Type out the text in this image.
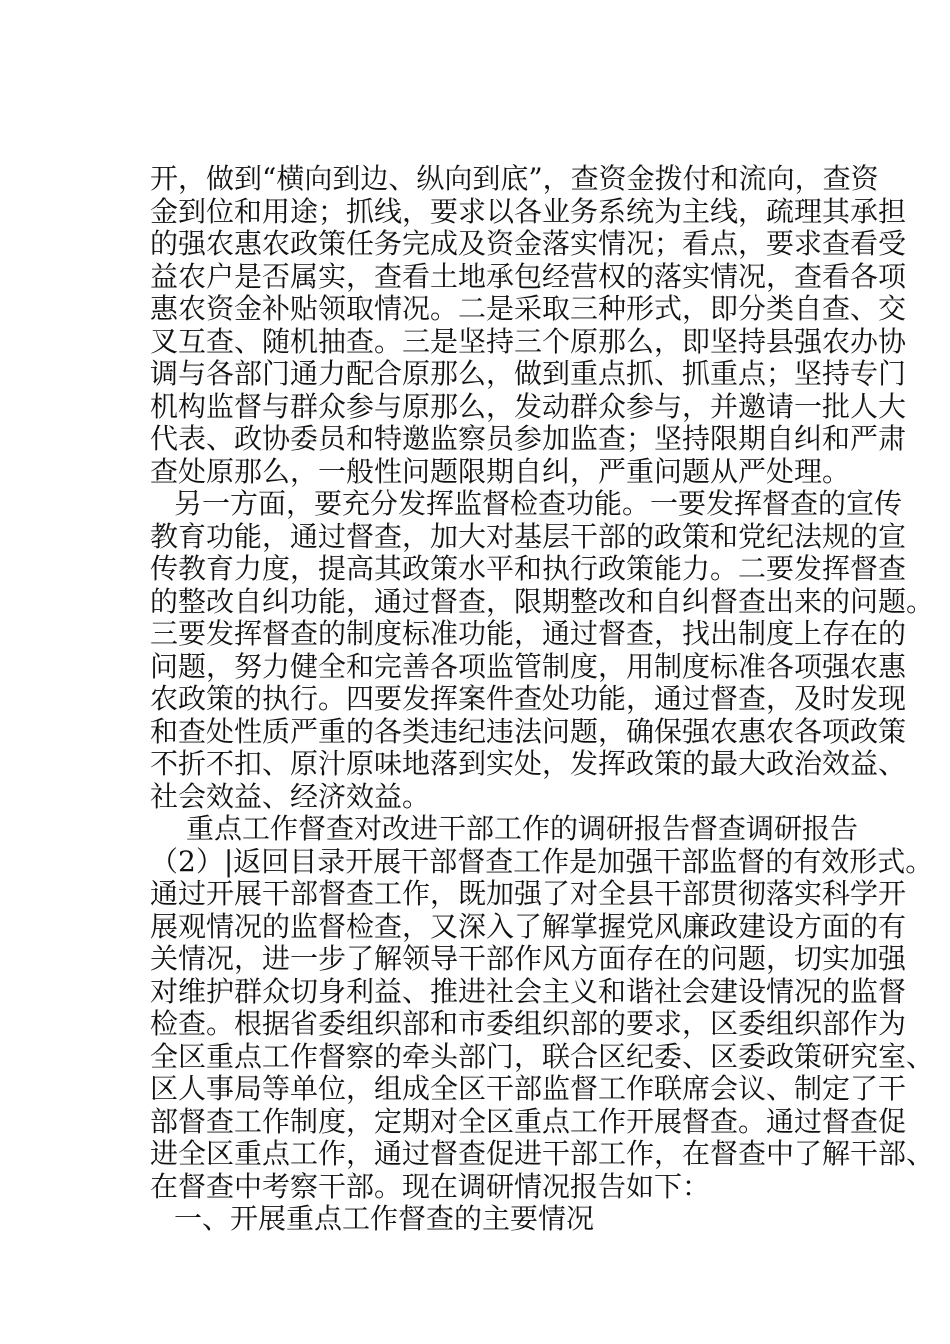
开，做到“横向到边、纵向到底”，查资金拨付和流向，查资
金到位和用途；抓线，要求以各业务系统为主线，疏理其承担
的强农惠农政策任务完成及资金落实情况；看点，要求查看受
益农户是否属实，查看土地承包经营权的落实情况，查看各项
惠农资金补贴领取情况。二是采取三种形式，即分类自查、交
叉互查、随机抽查。三是坚持三个原那么，即坚持县强农办协
调与各部门通力配合原那么，做到重点抓、抓重点；坚持专门
机构监督与群众参与原那么，发动群众参与，并邀请一批人大
代表、政协委员和特邀监察员参加监查；坚持限期自纠和严肃
查处原那么，一般性问题限期自纠，严重问题从严处理。
另一方面，要充分发挥监督检查功能。一要发挥督查的宣传
教育功能，通过督查，加大对基层干部的政策和党纪法规的宣
传教育力度，提高其政策水平和执行政策能力。二要发挥督查
的整改自纠功能，通过督查，限期整改和自纠督查出来的问题。
三要发挥督查的制度标准功能，通过督查，找出制度上存在的
问题，努力健全和完善各项监管制度，用制度标准各项强农惠
农政策的执行。四要发挥案件查处功能，通过督查，及时发现
和查处性质严重的各类违纪违法问题，确保强农惠农各项政策
不折不扣、原汁原味地落到实处，发挥政策的最大政治效益、
社会效益、经济效益。
重点工作督查对改进干部工作的调研报告督查调研报告
（2）|返回目录开展干部督查工作是加强干部监督的有效形式。
通过开展干部督查工作，既加强了对全县干部贯彻落实科学开
展观情况的监督检查，又深入了解掌握党风廉政建设方面的有
关情况，进一步了解领导干部作风方面存在的问题，切实加强
对维护群众切身利益、推进社会主义和谐社会建设情况的监督
检查。根据省委组织部和市委组织部的要求，区委组织部作为
全区重点工作督察的牵头部门，联合区纪委、区委政策研究室、
区人事局等单位，组成全区干部监督工作联席会议、制定了干
部督查工作制度，定期对全区重点工作开展督查。通过督查促
进全区重点工作，通过督查促进干部工作，在督查中了解干部、
在督查中考察干部。现在调研情况报告如下：
一、开展重点工作督查的主要情况
